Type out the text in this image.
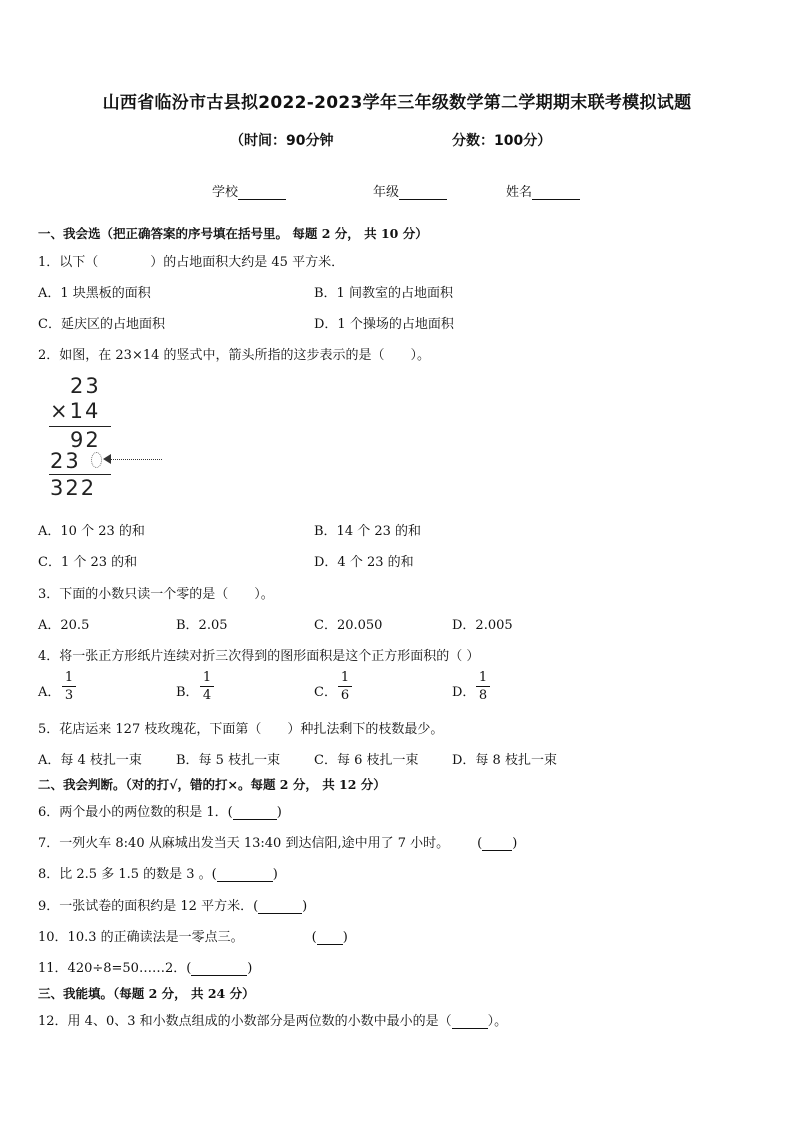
山西省临汾市古县拟2022-2023学年三年级数学第二学期期末联考模拟试题
（时间：90分钟	分数：100分）
学校	年级	姓名
一、我会选（把正确答案的序号填在括号里。 每题 2 分， 共 10 分）
1．以下（	）的占地面积大约是 45 平方米．
A．1 块黑板的面积	B．1 间教室的占地面积
C．延庆区的占地面积	D．1 个操场的占地面积
2．如图，在 23×14 的竖式中，箭头所指的这步表示的是（　　）。
23
×14
92
23
322
A．10 个 23 的和	B．14 个 23 的和
C．1 个 23 的和	D．4 个 23 的和
3．下面的小数只读一个零的是（　　）。
A．20.5	B．2.05	C．20.050	D．2.005
4．将一张正方形纸片连续对折三次得到的图形面积是这个正方形面积的（ ）
A．
1
3	B．
1
4	C．
1
6	D．
1
8
5．花店运来 127 枝玫瑰花，下面第（　　）种扎法剩下的枝数最少。
A．每 4 枝扎一束	B．每 5 枝扎一束	C．每 6 枝扎一束	D．每 8 枝扎一束
二、我会判断。（对的打√，错的打×。每题 2 分， 共 12 分）
6．两个最小的两位数的积是 1．(	)
7．一列火车 8:40 从麻城出发当天 13:40 到达信阳,途中用了 7 小时。 ( )
8．比 2.5 多 1.5 的数是 3 。(	)
9．一张试卷的面积约是 12 平方米．(	)
10．10.3 的正确读法是一零点三。	( )
11．420÷8=50……2．(	)
三、我能填。（每题 2 分， 共 24 分）
12．用 4、0、3 和小数点组成的小数部分是两位数的小数中最小的是（	）。
